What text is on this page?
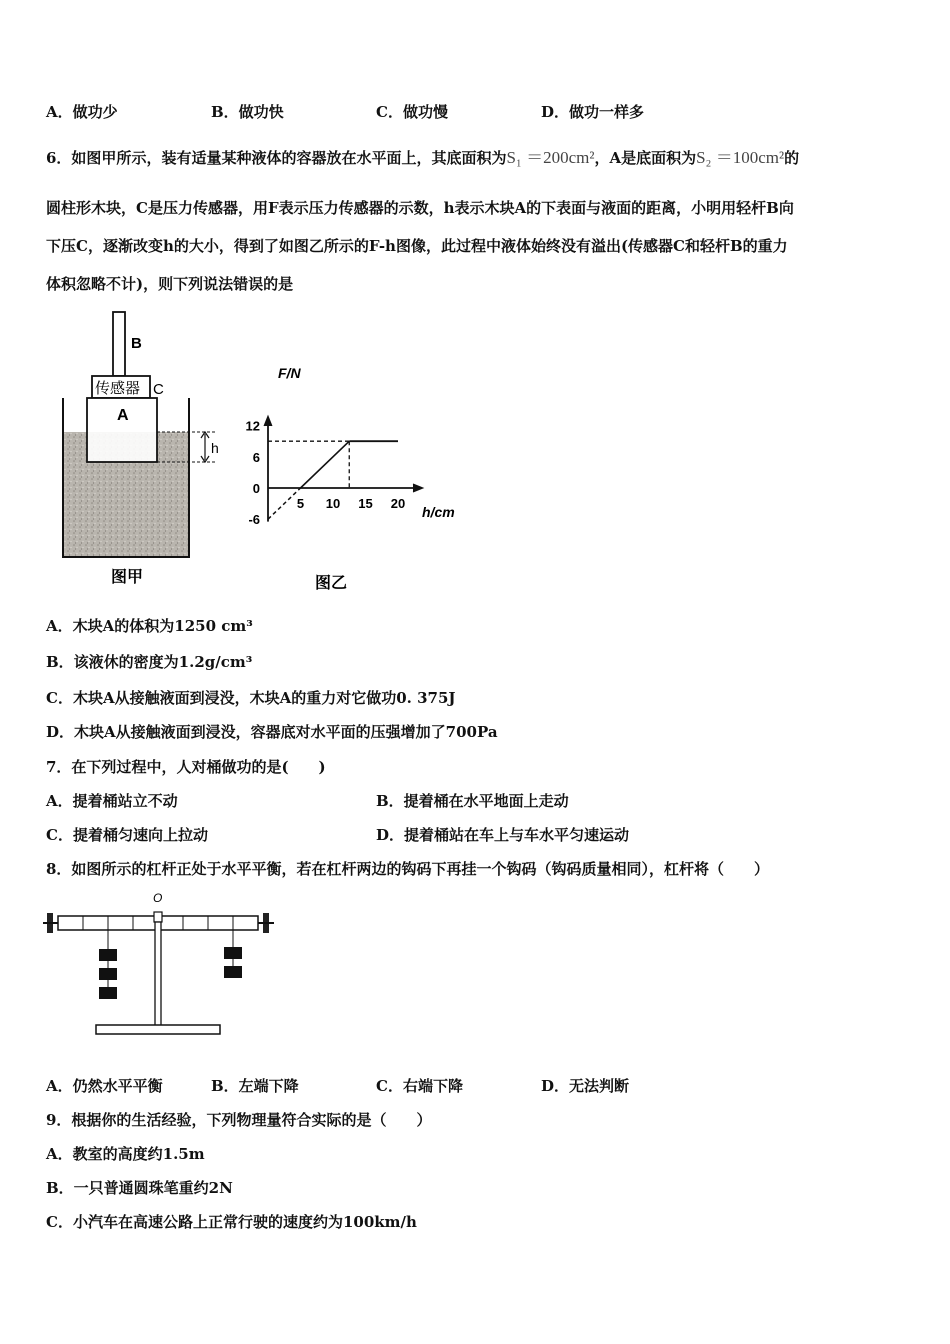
A．做功少	B．做功快	C．做功慢	D．做功一样多
6．如图甲所示，装有适量某种液体的容器放在水平面上，其底面积为S₁ ＝200cm²，A是底面积为S₂ ＝100cm²的
圆柱形木块，C是压力传感器，用F表示压力传感器的示数，h表示木块A的下表面与液面的距离，小明用轻杆B向
下压C，逐渐改变h的大小，得到了如图乙所示的F-h图像，此过程中液体始终没有溢出(传感器C和轻杆B的重力
体积忽略不计)，则下列说法错误的是
B
传感器 C
A
h
图甲
12
6
0
-6
5 10 15 20
F/N
h/cm
图乙
A．木块A的体积为1250 cm³
B．该液休的密度为1.2g/cm³
C．木块A从接触液面到浸没，木块A的重力对它做功0. 375J
D．木块A从接触液面到浸没，容器底对水平面的压强增加了700Pa
7．在下列过程中，人对桶做功的是(　　)
A．提着桶站立不动	B．提着桶在水平地面上走动
C．提着桶匀速向上拉动	D．提着桶站在车上与车水平匀速运动
8．如图所示的杠杆正处于水平平衡，若在杠杆两边的钩码下再挂一个钩码（钩码质量相同），杠杆将（　　）
O
A．仍然水平平衡	B．左端下降	C．右端下降	D．无法判断
9．根据你的生活经验，下列物理量符合实际的是（　　）
A．教室的高度约1.5m
B．一只普通圆珠笔重约2N
C．小汽车在高速公路上正常行驶的速度约为100km/h
